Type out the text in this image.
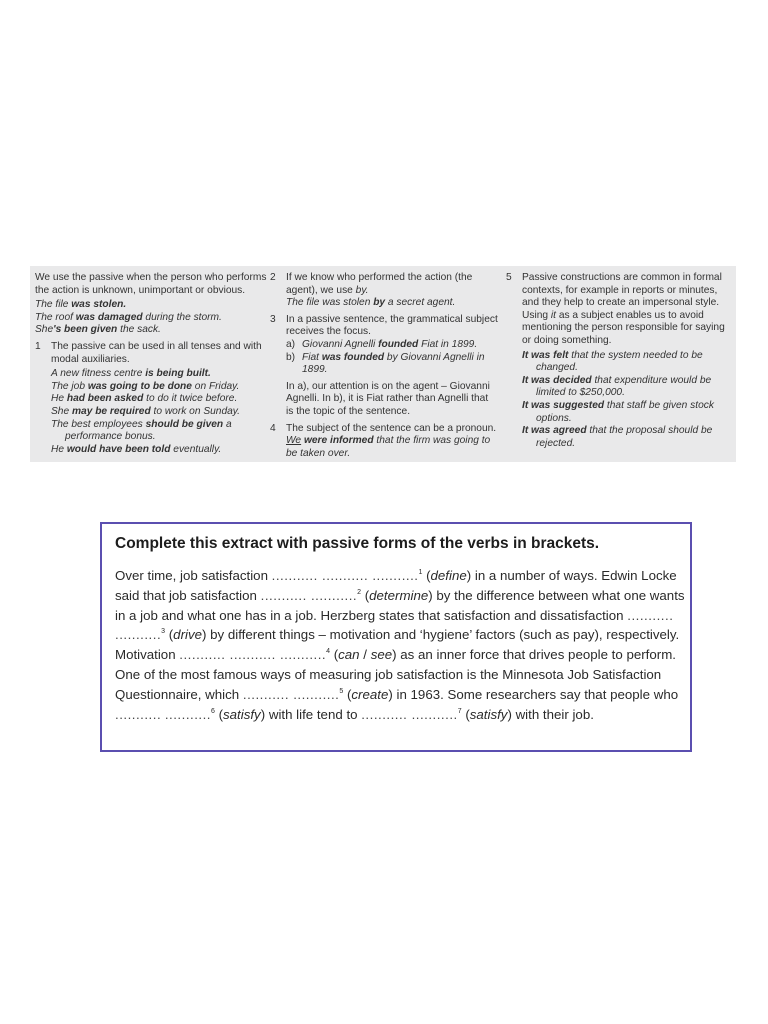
We use the passive when the person who performs the action is unknown, unimportant or obvious.

The file was stolen.

The roof was damaged during the storm.

She's been given the sack.

1	The passive can be used in all tenses and with modal auxiliaries.

A new fitness centre is being built.

The job was going to be done on Friday.

He had been asked to do it twice before.

She may be required to work on Sunday.

The best employees should be given a performance bonus.

He would have been told eventually.

2	If we know who performed the action (the agent), we use by.

The file was stolen by a secret agent.

3	In a passive sentence, the grammatical subject receives the focus.
a) Giovanni Agnelli founded Fiat in 1899.
b) Fiat was founded by Giovanni Agnelli in 1899.

In a), our attention is on the agent – Giovanni Agnelli. In b), it is Fiat rather than Agnelli that is the topic of the sentence.

4	The subject of the sentence can be a pronoun.

We were informed that the firm was going to be taken over.

5	Passive constructions are common in formal contexts, for example in reports or minutes, and they help to create an impersonal style. Using it as a subject enables us to avoid mentioning the person responsible for saying or doing something.

It was felt that the system needed to be changed.

It was decided that expenditure would be limited to $250,000.

It was suggested that staff be given stock options.

It was agreed that the proposal should be rejected.

Complete this extract with passive forms of the verbs in brackets.
Over time, job satisfaction ........... ........... ...........$^1$ (define) in a number of ways. Edwin Locke said that job satisfaction ........... ...........$^2$ (determine) by the difference between what one wants in a job and what one has in a job. Herzberg states that satisfaction and dissatisfaction ........... ...........$^3$ (drive) by different things – motivation and ‘hygiene’ factors (such as pay), respectively. Motivation ........... ........... ...........$^4$ (can / see) as an inner force that drives people to perform. One of the most famous ways of measuring job satisfaction is the Minnesota Job Satisfaction Questionnaire, which ........... ...........$^5$ (create) in 1963. Some researchers say that people who ........... ...........$^6$ (satisfy) with life tend to ........... ...........$^7$ (satisfy) with their job.
